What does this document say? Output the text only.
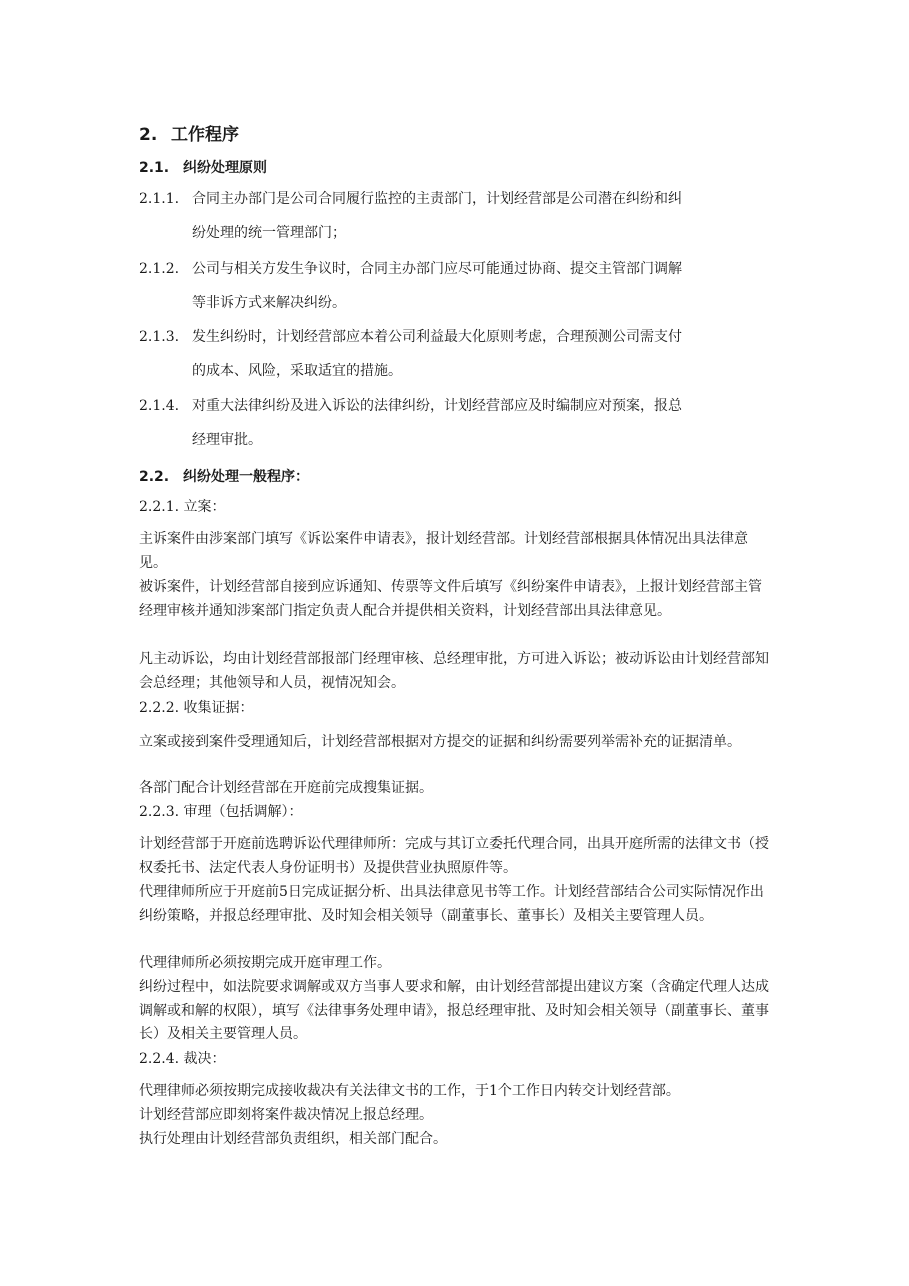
2. 工作程序
2.1. 纠纷处理原则
2.1.1. 合同主办部门是公司合同履行监控的主责部门，计划经营部是公司潜在纠纷和纠
纷处理的统一管理部门；
2.1.2. 公司与相关方发生争议时，合同主办部门应尽可能通过协商、提交主管部门调解
等非诉方式来解决纠纷。
2.1.3. 发生纠纷时，计划经营部应本着公司利益最大化原则考虑，合理预测公司需支付
的成本、风险，采取适宜的措施。
2.1.4. 对重大法律纠纷及进入诉讼的法律纠纷，计划经营部应及时编制应对预案，报总
经理审批。
2.2. 纠纷处理一般程序：
2.2.1. 立案：

主诉案件由涉案部门填写《诉讼案件申请表》，报计划经营部。计划经营部根据具体情况出具法律意见。

被诉案件，计划经营部自接到应诉通知、传票等文件后填写《纠纷案件申请表》，上报计划经营部主管经理审核并通知涉案部门指定负责人配合并提供相关资料，计划经营部出具法律意见。

凡主动诉讼，均由计划经营部报部门经理审核、总经理审批，方可进入诉讼；被动诉讼由计划经营部知会总经理；其他领导和人员，视情况知会。

2.2.2. 收集证据：

立案或接到案件受理通知后，计划经营部根据对方提交的证据和纠纷需要列举需补充的证据清单。

各部门配合计划经营部在开庭前完成搜集证据。

2.2.3. 审理（包括调解）：

计划经营部于开庭前选聘诉讼代理律师所：完成与其订立委托代理合同，出具开庭所需的法律文书（授权委托书、法定代表人身份证明书）及提供营业执照原件等。

代理律师所应于开庭前5日完成证据分析、出具法律意见书等工作。计划经营部结合公司实际情况作出纠纷策略，并报总经理审批、及时知会相关领导（副董事长、董事长）及相关主要管理人员。

代理律师所必须按期完成开庭审理工作。

纠纷过程中，如法院要求调解或双方当事人要求和解，由计划经营部提出建议方案（含确定代理人达成调解或和解的权限），填写《法律事务处理申请》，报总经理审批、及时知会相关领导（副董事长、董事长）及相关主要管理人员。

2.2.4. 裁决：

代理律师必须按期完成接收裁决有关法律文书的工作，于1个工作日内转交计划经营部。

计划经营部应即刻将案件裁决情况上报总经理。

执行处理由计划经营部负责组织，相关部门配合。
